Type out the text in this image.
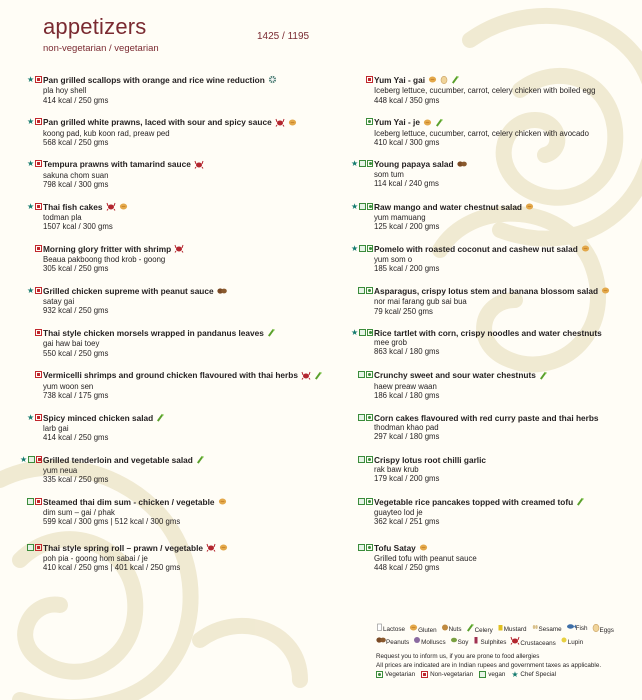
appetizers
non-vegetarian / vegetarian
1425 / 1195
★ Pan grilled scallops with orange and rice wine reduction
pla hoy shell
414 kcal / 250 gms
★ Pan grilled white prawns, laced with sour and spicy sauce
koong pad, kub koon rad, preaw ped
568 kcal / 250 gms
★ Tempura prawns with tamarind sauce
sakuna chom suan
798 kcal / 300 gms
★ Thai fish cakes
todman pla
1507 kcal / 300 gms
Morning glory fritter with shrimp
Beaua pakboong thod krob - goong
305 kcal / 250 gms
★ Grilled chicken supreme with peanut sauce
satay gai
932 kcal / 250 gms
Thai style chicken morsels wrapped in pandanus leaves
gai haw bai toey
550 kcal / 250 gms
Vermicelli shrimps and ground chicken flavoured with thai herbs
yum woon sen
738 kcal / 175 gms
★ Spicy minced chicken salad
larb gai
414 kcal / 250 gms
★ Grilled tenderloin and vegetable salad
yum neua
335 kcal / 250 gms
Steamed thai dim sum - chicken / vegetable
dim sum – gai / phak
599 kcal / 300 gms | 512 kcal / 300 gms
Thai style spring roll – prawn / vegetable
poh pia - goong hom sabai / je
410 kcal / 250 gms | 401 kcal / 250 gms
Yum Yai - gai
Iceberg lettuce, cucumber, carrot, celery chicken with boiled egg
448 kcal / 350 gms
Yum Yai - je
Iceberg lettuce, cucumber, carrot, celery chicken with avocado
410 kcal / 300 gms
★ Young papaya salad
som tum
114 kcal / 240 gms
★ Raw mango and water chestnut salad
yum mamuang
125 kcal / 200 gms
★ Pomelo with roasted coconut and cashew nut salad
yum som o
185 kcal / 200 gms
Asparagus, crispy lotus stem and banana blossom salad
nor mai farang gub sai bua
79 kcal/ 250 gms
★ Rice tartlet with corn, crispy noodles and water chestnuts
mee grob
863 kcal / 180 gms
Crunchy sweet and sour water chestnuts
haew preaw waan
186 kcal / 180 gms
Corn cakes flavoured with red curry paste and thai herbs
thodman khao pad
297 kcal / 180 gms
Crispy lotus root chilli garlic
rak baw krub
179 kcal / 200 gms
Vegetable rice pancakes topped with creamed tofu
guayteo lod je
362 kcal / 251 gms
Tofu Satay
Grilled tofu with peanut sauce
448 kcal / 250 gms
Lactose	Gluten	Nuts	Celery	Mustard	Sesame	Fish	Eggs
Peanuts	Molluscs	Soy	Sulphites	Crustaceans	Lupin
Request you to inform us, if you are prone to food allergies
All prices are indicated are in Indian rupees and government taxes as applicable.
Vegetarian Non-vegetarian vegan ★ Chef Special
